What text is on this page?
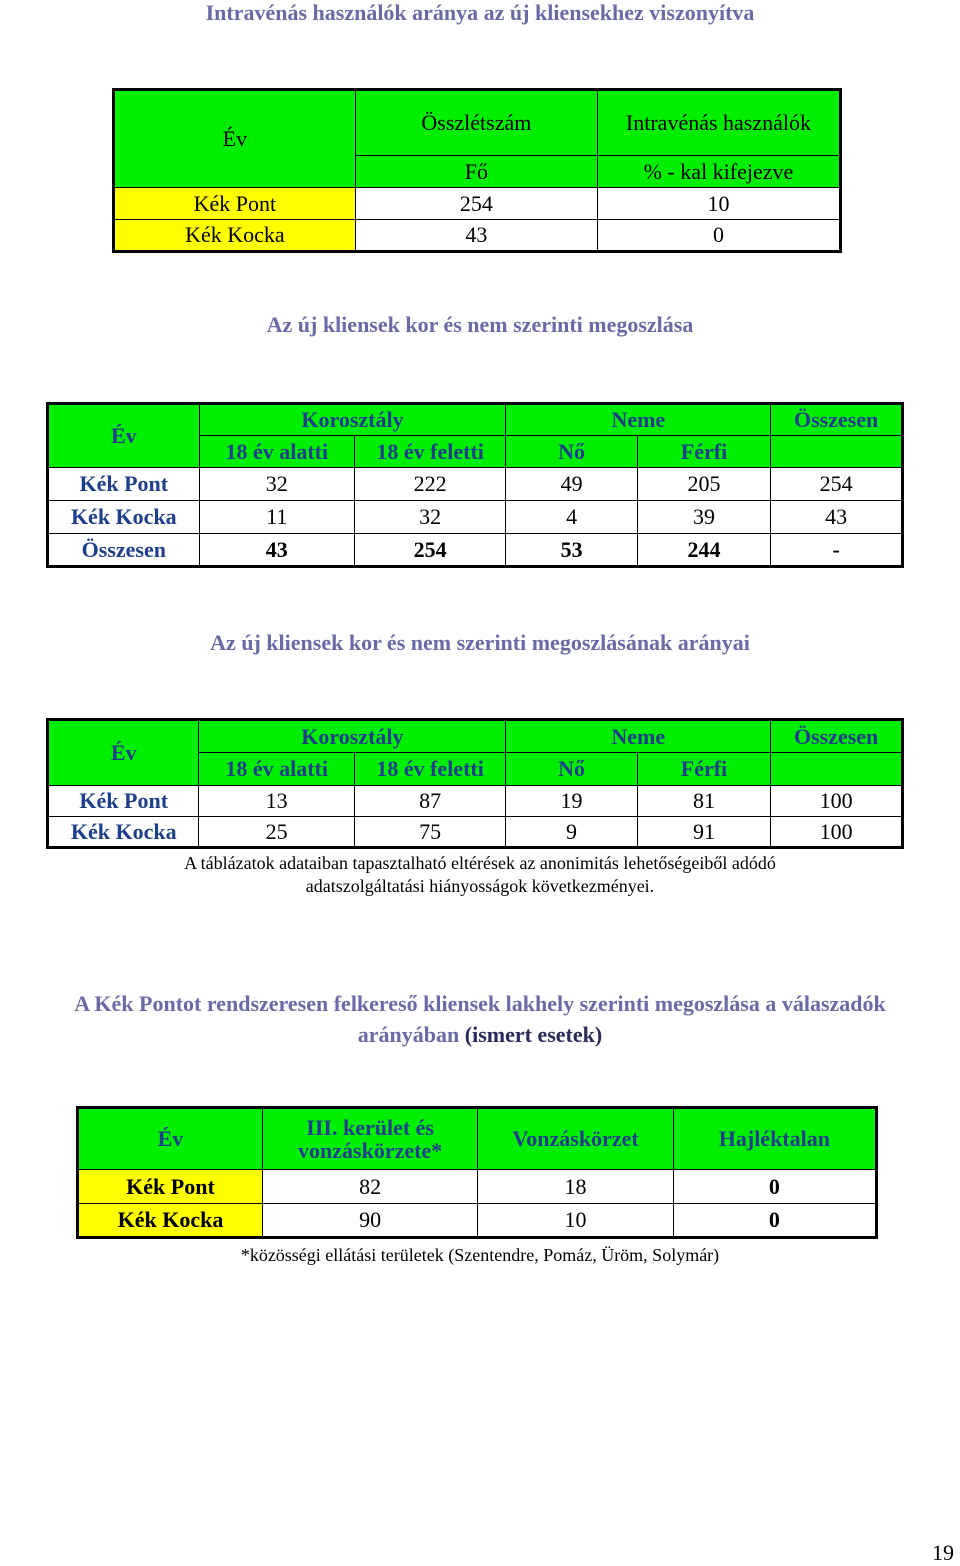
Intravénás használók aránya az új kliensekhez viszonyítva
Év	Összlétszám	Intravénás használók
	Fő	% - kal kifejezve
Kék Pont	254	10
Kék Kocka	43	0
Az új kliensek kor és nem szerinti megoszlása
Év	Korosztály		Neme		Összesen
	18 év alatti	18 év feletti	Nő	Férfi	
Kék Pont	32	222	49	205	254
Kék Kocka	11	32	4	39	43
Összesen	43	254	53	244	-
Az új kliensek kor és nem szerinti megoszlásának arányai
Év	Korosztály		Neme		Összesen
	18 év alatti	18 év feletti	Nő	Férfi	
Kék Pont	13	87	19	81	100
Kék Kocka	25	75	9	91	100
A táblázatok adataiban tapasztalható eltérések az anonimitás lehetőségeiből adódó
adatszolgáltatási hiányosságok következményei.
A Kék Pontot rendszeresen felkereső kliensek lakhely szerinti megoszlása a válaszadók
arányában (ismert esetek)
Év	III. kerület és vonzáskörzete*	Vonzáskörzet	Hajléktalan
Kék Pont	82	18	0
Kék Kocka	90	10	0
*közösségi ellátási területek (Szentendre, Pomáz, Üröm, Solymár)
19
